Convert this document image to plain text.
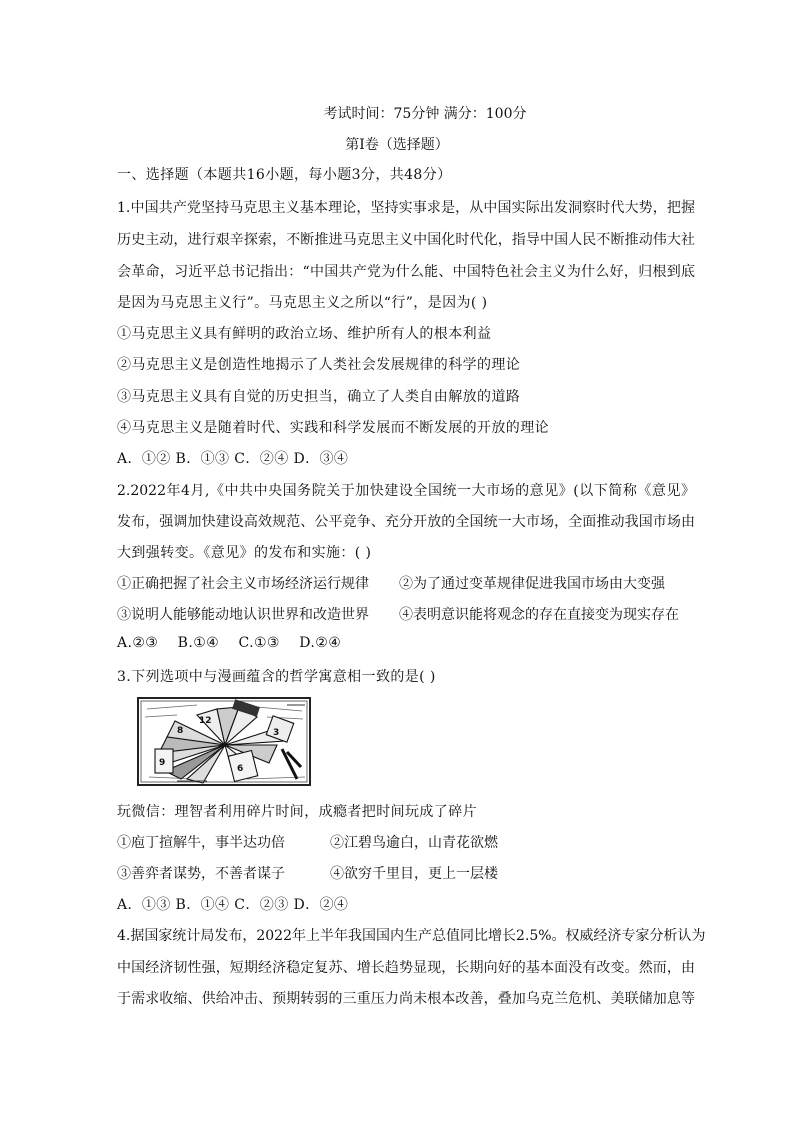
考试时间：75分钟 满分：100分
第Ⅰ卷（选择题）
一、选择题（本题共16小题，每小题3分，共48分）
1.中国共产党坚持马克思主义基本理论，坚持实事求是，从中国实际出发洞察时代大势，把握
历史主动，进行艰辛探索，不断推进马克思主义中国化时代化，指导中国人民不断推动伟大社
会革命，习近平总书记指出：“中国共产党为什么能、中国特色社会主义为什么好，归根到底
是因为马克思主义行”。马克思主义之所以“行”，是因为( )
①马克思主义具有鲜明的政治立场、维护所有人的根本利益
②马克思主义是创造性地揭示了人类社会发展规律的科学的理论
③马克思主义具有自觉的历史担当，确立了人类自由解放的道路
④马克思主义是随着时代、实践和科学发展而不断发展的开放的理论
A．①② B．①③ C．②④ D．③④
2.2022年4月,《中共中央国务院关于加快建设全国统一大市场的意见》(以下简称《意见》
发布，强调加快建设高效规范、公平竞争、充分开放的全国统一大市场，全面推动我国市场由
大到强转变。《意见》的发布和实施：( )
①正确把握了社会主义市场经济运行规律 ②为了通过变革规律促进我国市场由大变强
③说明人能够能动地认识世界和改造世界 ④表明意识能将观念的存在直接变为现实存在
A.②③    B.①④    C.①③    D.②④
3.下列选项中与漫画蕴含的哲学寓意相一致的是( )
9
8
6
12
3
玩微信：理智者利用碎片时间，成瘾者把时间玩成了碎片
①庖丁揎解牛，事半达功倍	②江碧鸟逾白，山青花欲燃
③善弈者谋势，不善者谋子	④欲穷千里目，更上一层楼
A．①③ B．①④ C．②③ D．②④
4.据国家统计局发布，2022年上半年我国国内生产总值同比增长2.5%。权威经济专家分析认为
中国经济韧性强，短期经济稳定复苏、增长趋势显现，长期向好的基本面没有改变。然而，由
于需求收缩、供给冲击、预期转弱的三重压力尚未根本改善，叠加乌克兰危机、美联储加息等
